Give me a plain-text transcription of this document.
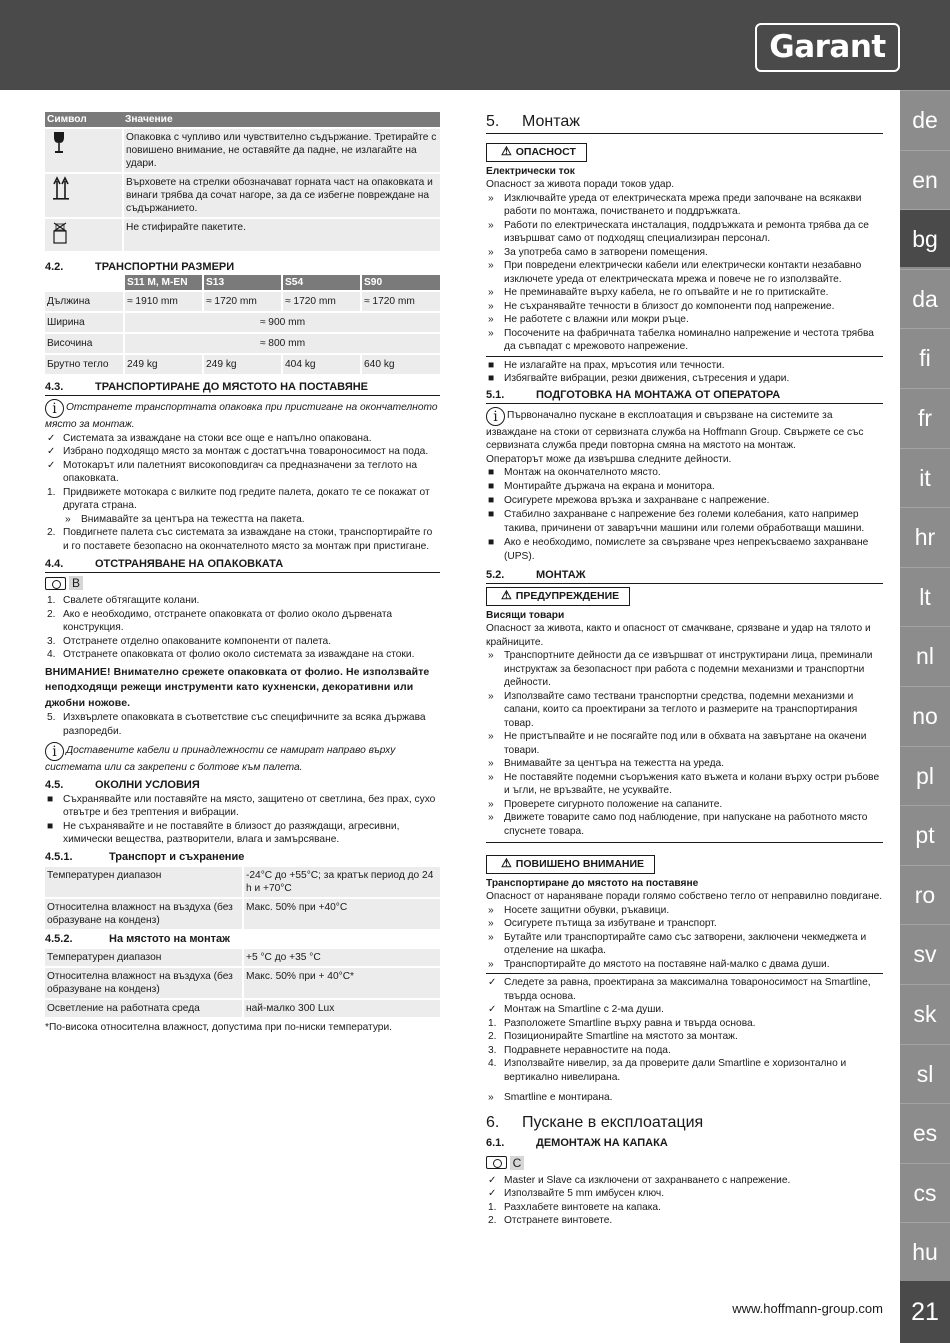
Garant
de
en
bg
da
fi
fr
it
hr
lt
nl
no
pl
pt
ro
sv
sk
sl
es
cs
hu
21
www.hoffmann-group.com
Символ	Значение
	Опаковка с чупливо или чувствително съдържание. Третирайте с повишено внимание, не оставяйте да падне, не излагайте на удари.
	Върховете на стрелки обозначават горната част на опаковката и винаги трябва да сочат нагоре, за да се избегне повреждане на съдържанието.
	Не стифирайте пакетите.
4.2.	ТРАНСПОРТНИ РАЗМЕРИ
	S11 M, M-EN	S13	S54	S90
Дължина	≈ 1910 mm	≈ 1720 mm	≈ 1720 mm	≈ 1720 mm
Ширина	≈ 900 mm			
Височина	≈ 800 mm			
Брутно тегло	249 kg	249 kg	404 kg	640 kg
4.3.	ТРАНСПОРТИРАНЕ ДО МЯСТОТО НА ПОСТАВЯНЕ
i Отстранете транспортната опаковка при пристигане на окончателното място за монтаж.
✓ Системата за изваждане на стоки все още е напълно опакована.
✓ Избрано подходящо място за монтаж с достатъчна товароносимост на пода.
✓ Мотокарът или палетният високоповдигач са предназначени за теглото на опаковката.
1. Придвижете мотокара с вилките под гредите палета, докато те се покажат от другата страна.
» Внимавайте за центъра на тежестта на пакета.
2. Повдигнете палета със системата за изваждане на стоки, транспортирайте го и го поставете безопасно на окончателното място за монтаж при пристигане.
4.4.	ОТСТРАНЯВАНЕ НА ОПАКОВКАТА
B
1. Свалете обтягащите колани.
2. Ако е необходимо, отстранете опаковката от фолио около дървената конструкция.
3. Отстранете отделно опакованите компоненти от палета.
4. Отстранете опаковката от фолио около системата за изваждане на стоки.
ВНИМАНИЕ! Внимателно срежете опаковката от фолио. Не използвайте неподходящи режещи инструменти като кухненски, декоративни или джобни ножове.
5. Изхвърлете опаковката в съответствие със специфичните за всяка държава разпоредби.
i Доставените кабели и принадлежности се намират направо върху системата или са закрепени с болтове към палета.
4.5.	ОКОЛНИ УСЛОВИЯ
■ Съхранявайте или поставяйте на място, защитено от светлина, без прах, сухо отвътре и без трептения и вибрации.
■ Не съхранявайте и не поставяйте в близост до разяждащи, агресивни, химически вещества, разтворители, влага и замърсяване.
4.5.1.	Транспорт и съхранение
Температурен диапазон	-24°C до +55°C; за кратък период до 24 h и +70°C
Относителна влажност на въздуха (без образуване на конденз)	Макс. 50% при +40°C
4.5.2.	На мястото на монтаж
Температурен диапазон	+5 °C до +35 °C
Относителна влажност на въздуха (без образуване на конденз)	Макс. 50% при + 40°C*
Осветление на работната среда	най-малко 300 Lux
*По-висока относителна влажност, допустима при по-ниски температури.
5.	Монтаж
⚠ ОПАСНОСТ
Електрически ток
Опасност за живота поради токов удар.
» Изключвайте уреда от електрическата мрежа преди започване на всякакви работи по монтажа, почистването и поддръжката.
» Работи по електрическата инсталация, поддръжката и ремонта трябва да се извършват само от подходящ специализиран персонал.
» За употреба само в затворени помещения.
» При повредени електрически кабели или електрически контакти незабавно изключете уреда от електрическата мрежа и повече не го използвайте.
» Не преминавайте върху кабела, не го опъвайте и не го притискайте.
» Не съхранявайте течности в близост до компоненти под напрежение.
» Не работете с влажни или мокри ръце.
» Посочените на фабричната табелка номинално напрежение и честота трябва да съвпадат с мрежовото напрежение.
■ Не излагайте на прах, мръсотия или течности.
■ Избягвайте вибрации, резки движения, сътресения и удари.
5.1.	ПОДГОТОВКА НА МОНТАЖА ОТ ОПЕРАТОРА
i Първоначално пускане в експлоатация и свързване на системите за изваждане на стоки от сервизната служба на Hoffmann Group. Свържете се със сервизната служба преди повторна смяна на мястото на монтаж.
Операторът може да извършва следните дейности.
■ Монтаж на окончателното място.
■ Монтирайте държача на екрана и монитора.
■ Осигурете мрежова връзка и захранване с напрежение.
■ Стабилно захранване с напрежение без големи колебания, като например такива, причинени от заваръчни машини или големи обработващи машини.
■ Ако е необходимо, помислете за свързване чрез непрекъсваемо захранване (UPS).
5.2.	МОНТАЖ
⚠ ПРЕДУПРЕЖДЕНИЕ
Висящи товари
Опасност за живота, както и опасност от смачкване, срязване и удар на тялото и крайниците.
» Транспортните дейности да се извършват от инструктирани лица, преминали инструктаж за безопасност при работа с подемни механизми и транспортни дейности.
» Използвайте само тествани транспортни средства, подемни механизми и сапани, които са проектирани за теглото и размерите на транспортирания товар.
» Не пристъпвайте и не посягайте под или в обхвата на завъртане на окачени товари.
» Внимавайте за центъра на тежестта на уреда.
» Не поставяйте подемни съоръжения като въжета и колани върху остри ръбове и ъгли, не връзвайте, не усуквайте.
» Проверете сигурното положение на сапаните.
» Движете товарите само под наблюдение, при напускане на работното място спуснете товара.
⚠ ПОВИШЕНО ВНИМАНИЕ
Транспортиране до мястото на поставяне
Опасност от нараняване поради голямо собствено тегло от неправилно повдигане.
» Носете защитни обувки, ръкавици.
» Осигурете пътища за избутване и транспорт.
» Бутайте или транспортирайте само със затворени, заключени чекмеджета и отделение на шкафа.
» Транспортирайте до мястото на поставяне най-малко с двама души.
✓ Следете за равна, проектирана за максимална товароносимост на Smartline, твърда основа.
✓ Монтаж на Smartline с 2-ма души.
1. Разположете Smartline върху равна и твърда основа.
2. Позиционирайте Smartline на мястото за монтаж.
3. Подравнете неравностите на пода.
4. Използвайте нивелир, за да проверите дали Smartline е хоризонтално и вертикално нивелирана.
» Smartline е монтирана.
6.	Пускане в експлоатация
6.1.	ДЕМОНТАЖ НА КАПАКА
C
✓ Master и Slave са изключени от захранването с напрежение.
✓ Използвайте 5 mm имбусен ключ.
1. Разхлабете винтовете на капака.
2. Отстранете винтовете.
